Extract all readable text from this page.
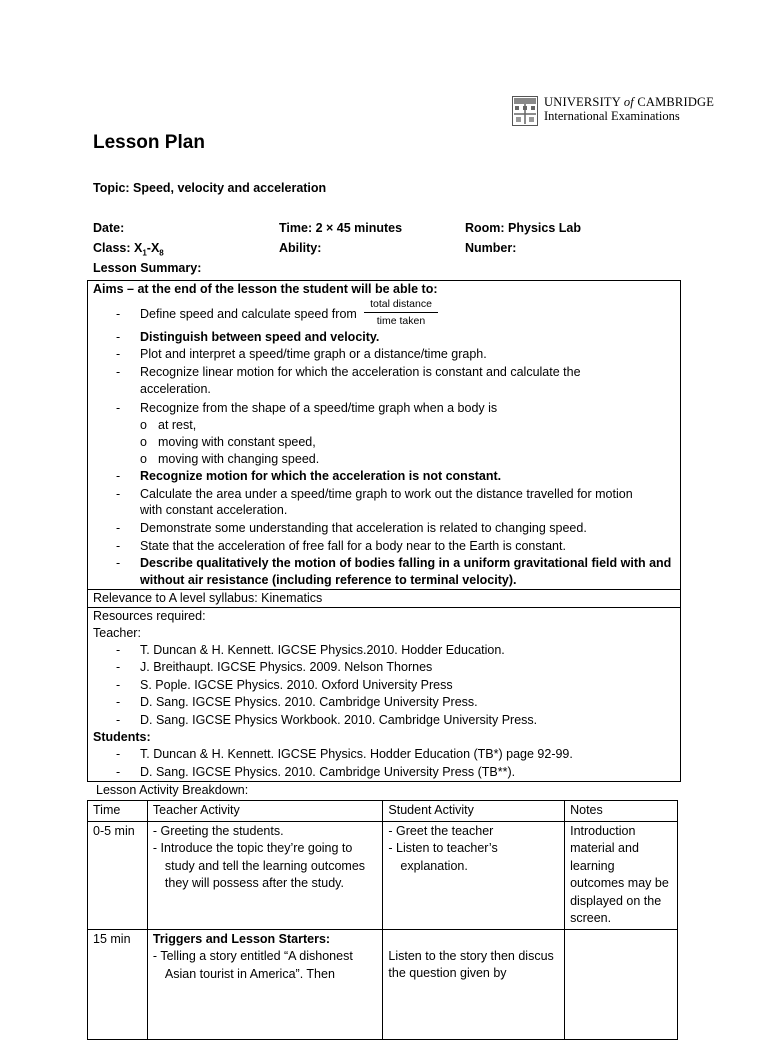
UNIVERSITY of CAMBRIDGE
International Examinations
Lesson Plan
Topic: Speed, velocity and acceleration
Date:	Time: 2 × 45 minutes	Room: Physics Lab
Class: $X_1-X_8$	Ability:	Number:
Lesson Summary:
Aims – at the end of the lesson the student will be able to:
- Define speed and calculate speed from
total distance
time taken
- Distinguish between speed and velocity.
- Plot and interpret a speed/time graph or a distance/time graph.
- Recognize linear motion for which the acceleration is constant and calculate the
acceleration.
- Recognize from the shape of a speed/time graph when a body is
o at rest,
o moving with constant speed,
o moving with changing speed.
- Recognize motion for which the acceleration is not constant.
- Calculate the area under a speed/time graph to work out the distance travelled for motion
with constant acceleration.
- Demonstrate some understanding that acceleration is related to changing speed.
- State that the acceleration of free fall for a body near to the Earth is constant.
- Describe qualitatively the motion of bodies falling in a uniform gravitational field with and
without air resistance (including reference to terminal velocity).
Relevance to A level syllabus: Kinematics
Resources required:
Teacher:
- T. Duncan & H. Kennett. IGCSE Physics.2010. Hodder Education.
- J. Breithaupt. IGCSE Physics. 2009. Nelson Thornes
- S. Pople. IGCSE Physics. 2010. Oxford University Press
- D. Sang. IGCSE Physics. 2010. Cambridge University Press.
- D. Sang. IGCSE Physics Workbook. 2010. Cambridge University Press.
Students:
- T. Duncan & H. Kennett. IGCSE Physics. Hodder Education (TB*) page 92-99.
- D. Sang. IGCSE Physics. 2010. Cambridge University Press (TB**).
Lesson Activity Breakdown:
Time	Teacher Activity	Student Activity	Notes
0-5 min	- Greeting the students.
- Introduce the topic they’re going to study and tell the learning outcomes they will possess after the study.	- Greet the teacher
- Listen to teacher’s explanation.	Introduction material and learning outcomes may be displayed on the screen.
15 min	Triggers and Lesson Starters:
- Telling a story entitled “A dishonest Asian tourist in America”. Then	Listen to the story then discus the question given by	
